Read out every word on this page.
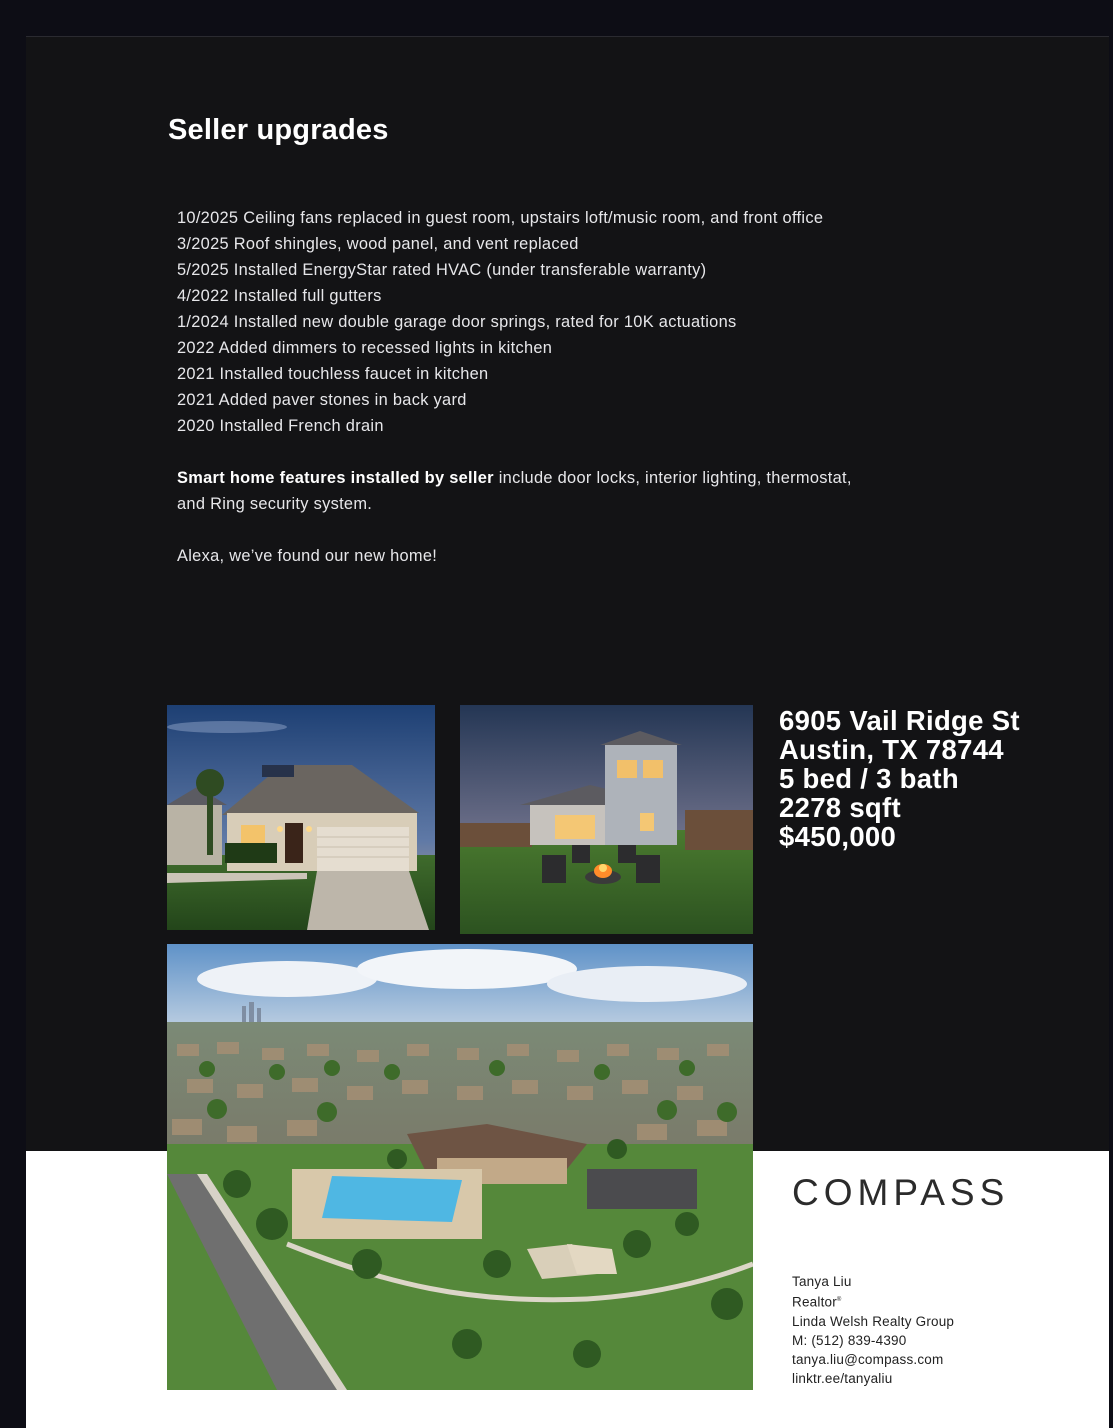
Seller upgrades

10/2025 Ceiling fans replaced in guest room, upstairs loft/music room, and front office

3/2025 Roof shingles, wood panel, and vent replaced

5/2025 Installed EnergyStar rated HVAC (under transferable warranty)

4/2022 Installed full gutters

1/2024 Installed new double garage door springs, rated for 10K actuations

2022 Added dimmers to recessed lights in kitchen

2021 Installed touchless faucet in kitchen

2021 Added paver stones in back yard

2020 Installed French drain

Smart home features installed by seller include door locks, interior lighting, thermostat, and Ring security system.

Alexa, we’ve found our new home!

6905 Vail Ridge St
Austin, TX 78744
5 bed / 3 bath
2278 sqft
$450,000
COMPASS
Tanya Liu
Realtor®
Linda Welsh Realty Group
M: (512) 839-4390
tanya.liu@compass.com
linktr.ee/tanyaliu
